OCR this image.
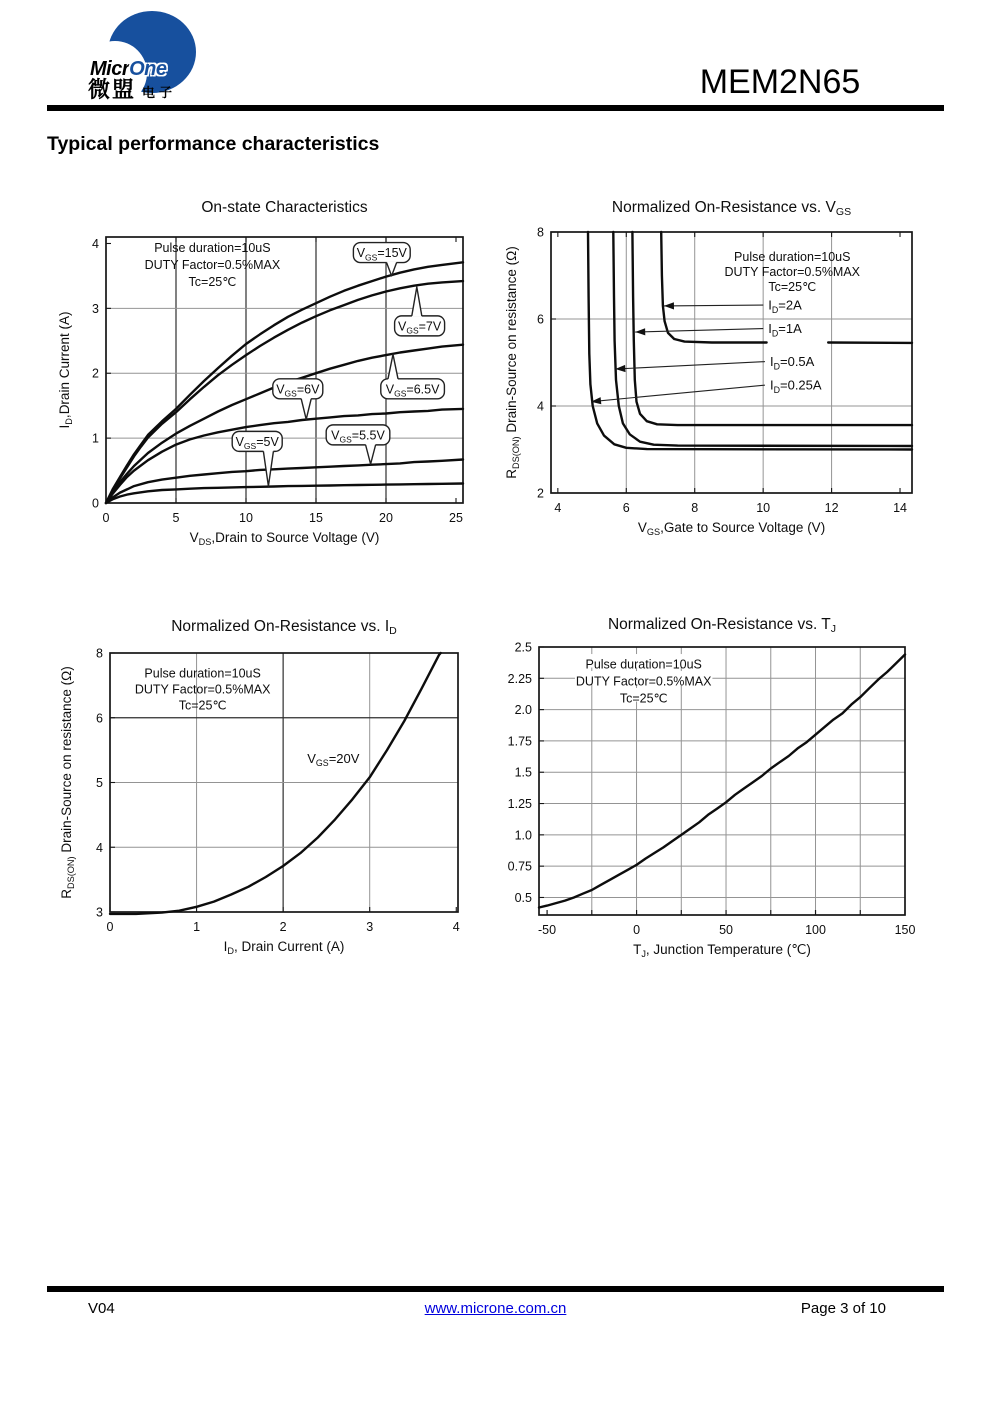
MicrOne
微盟 电子	MEM2N65
Typical performance characteristics
0	5	10	15	20	25
0
1
2
3
4
$V_{GS}=15V$
$V_{GS}=7V$
$V_{GS}=6.5V$
$V_{GS}=6V$
$V_{GS}=5.5V$
$V_{GS}=5V$
Pulse duration=10uS
DUTY Factor=0.5%MAX
Tc=25℃
$V_{DS},Drain$ to Source Voltage (V)
$I_D,Drain$ Current (A)
On-state Characteristics
4	6	8	10	12	14
2
4
6
8
$I_D=2A$
$I_D=1A$
$I_D=0.5A$
$I_D=0.25A$
Pulse duration=10uS
DUTY Factor=0.5%MAX
Tc=25℃
$V_{GS},Gate$ to Source Voltage (V)
$R_{DS(ON)}$ Drain-Source on resistance (Ω)
Normalized On-Resistance vs. $V_{GS}$
0	1	2	3	4
3
4
5
6
8
$V_{GS}=20V$
Pulse duration=10uS
DUTY Factor=0.5%MAX
Tc=25℃
$I_D$, Drain Current (A)
$R_{DS(ON)}$ Drain-Source on resistance (Ω)
Normalized On-Resistance vs. $I_D$
-50	0	50	100	150
0.5
0.75
1.0
1.25
1.5
1.75
2.0
2.25
2.5
Pulse duration=10uS
DUTY Factor=0.5%MAX
Tc=25℃
$T_J$, Junction Temperature (℃)
Normalized On-Resistance vs. $T_J$
V04	www.microne.com.cn	Page 3 of 10
